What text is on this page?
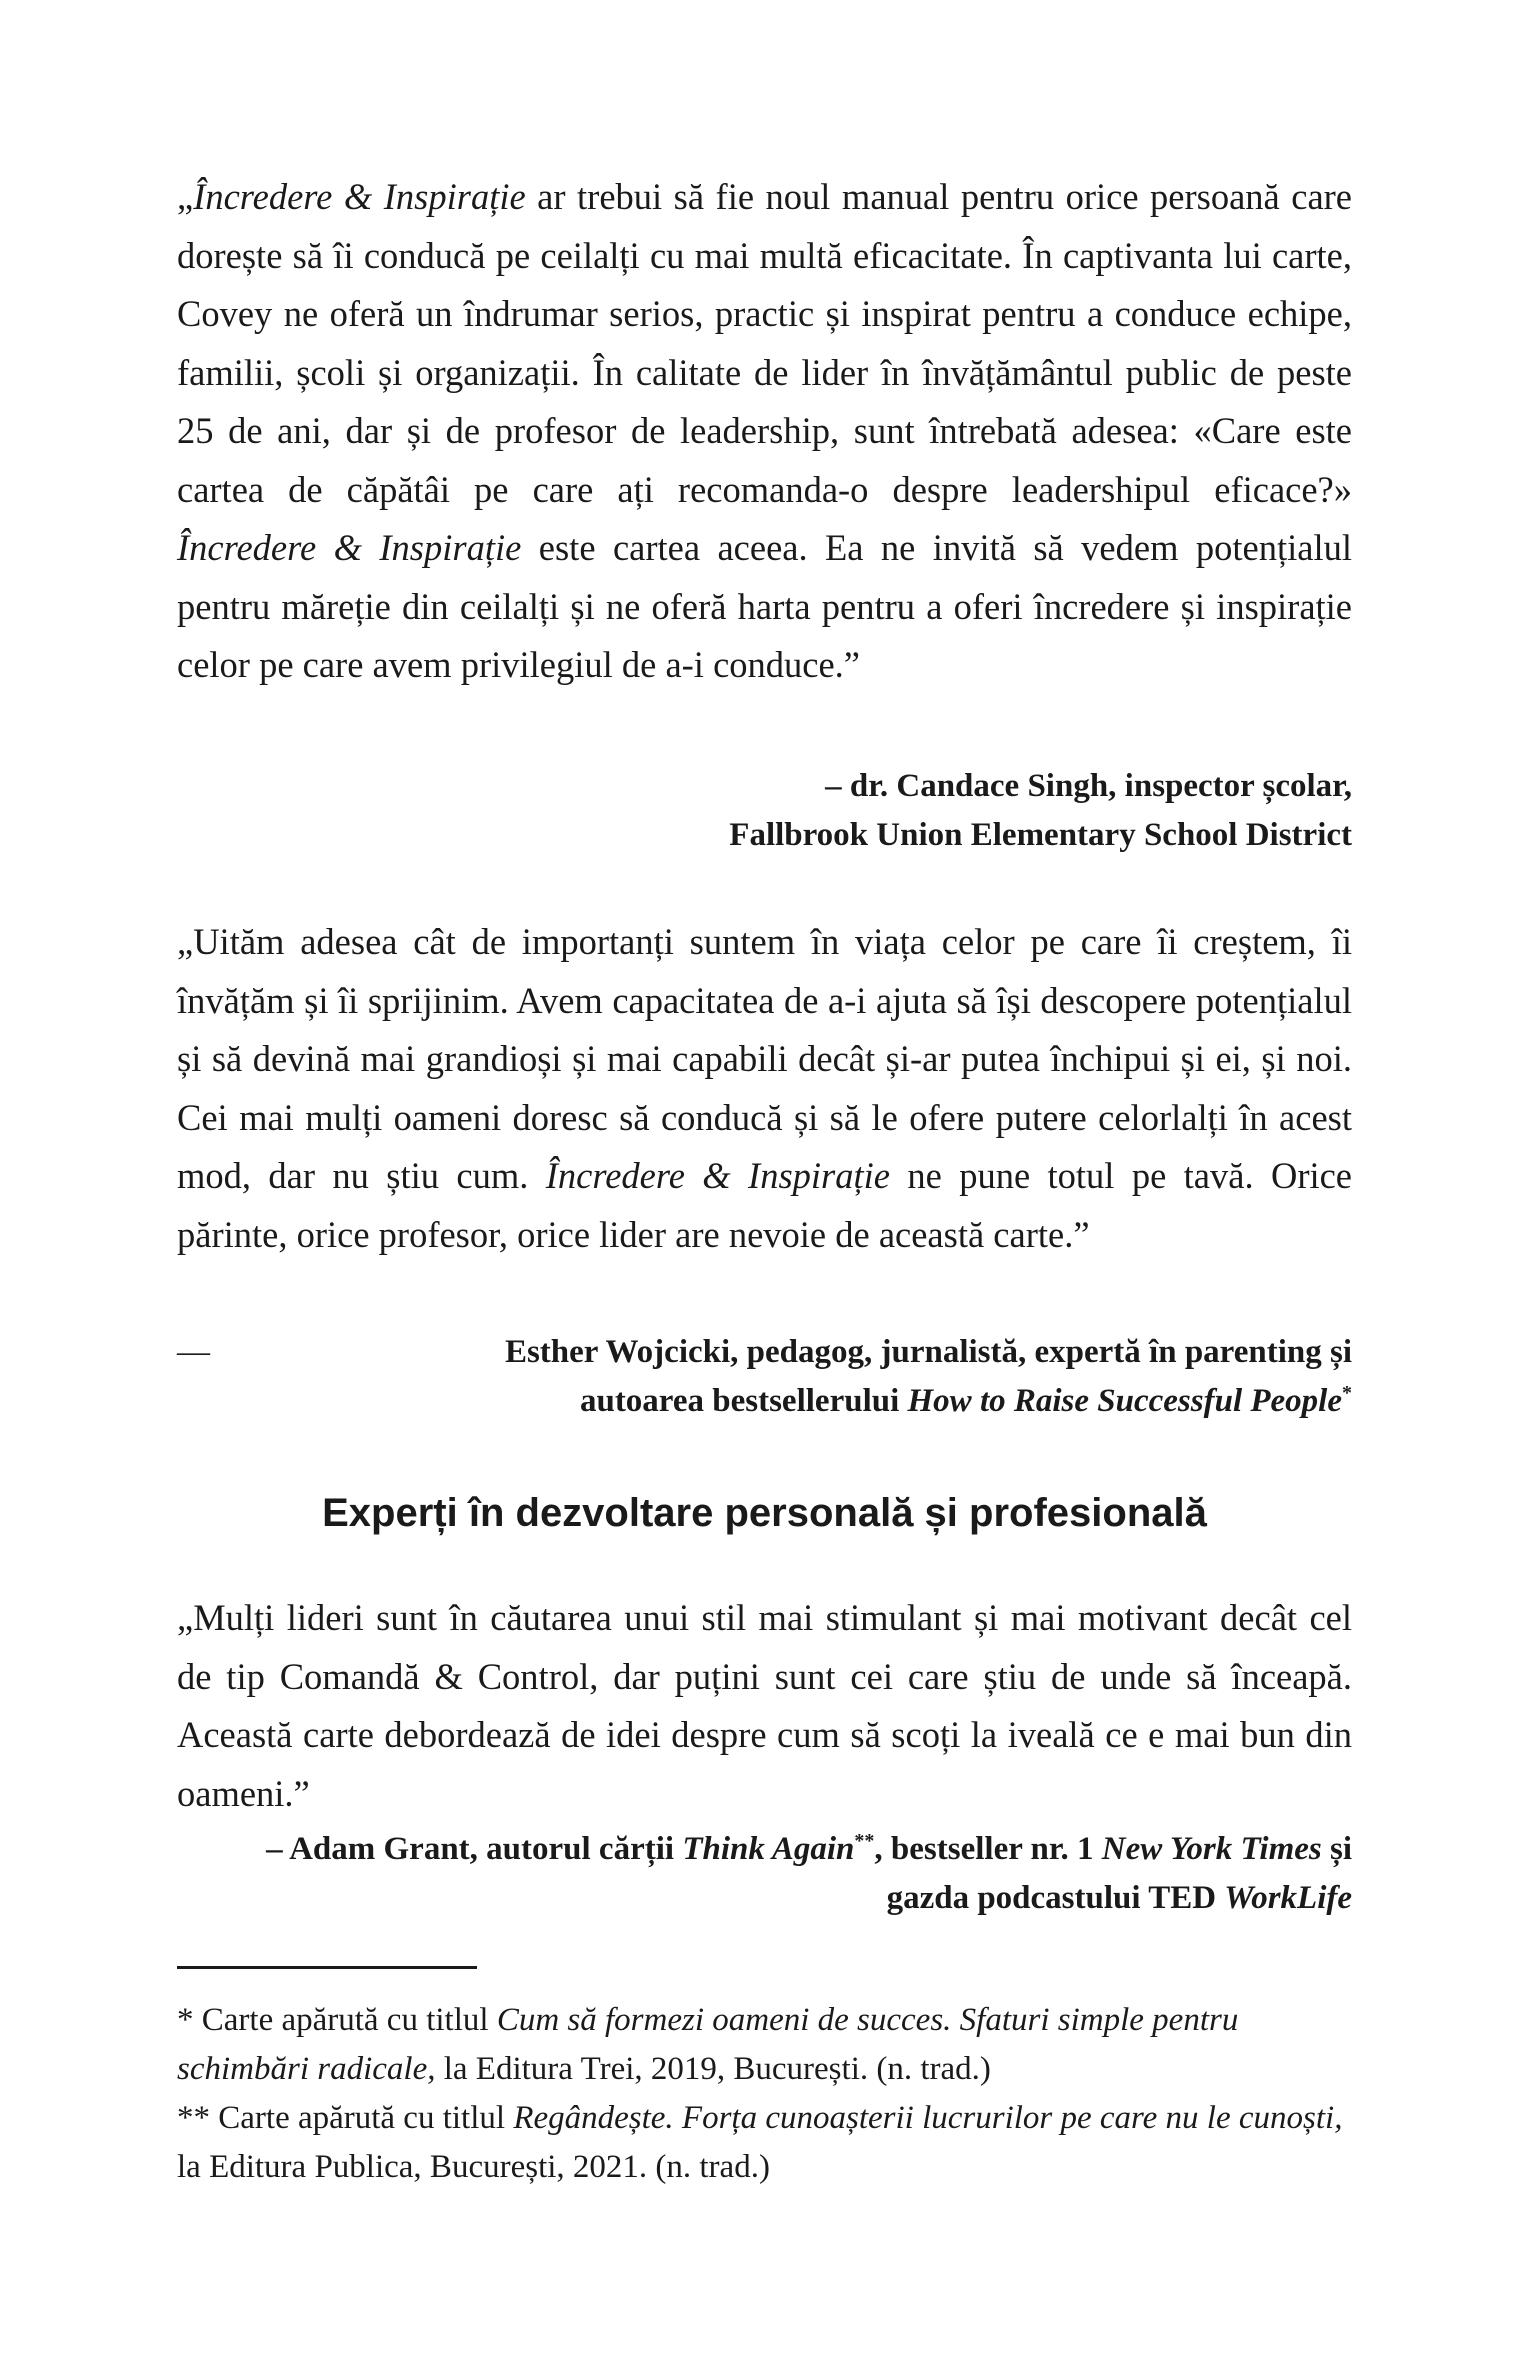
„Încredere & Inspirație ar trebui să fie noul manual pentru orice persoană care dorește să îi conducă pe ceilalți cu mai multă eficacitate. În captivanta lui carte, Covey ne oferă un îndrumar serios, practic și inspirat pentru a conduce echipe, familii, școli și organizații. În calitate de lider în învățământul public de peste 25 de ani, dar și de profesor de leadership, sunt întrebată adesea: «Care este cartea de căpătâi pe care ați recomanda-o despre leadershipul eficace?» Încredere & Inspirație este cartea aceea. Ea ne invită să vedem potențialul pentru măreție din ceilalți și ne oferă harta pentru a oferi încredere și inspirație celor pe care avem privilegiul de a-i conduce.”

– dr. Candace Singh, inspector școlar,

Fallbrook Union Elementary School District

„Uităm adesea cât de importanți suntem în viața celor pe care îi creștem, îi învățăm și îi sprijinim. Avem capacitatea de a-i ajuta să își descopere potențialul și să devină mai grandioși și mai capabili decât și-ar putea închipui și ei, și noi. Cei mai mulți oameni doresc să conducă și să le ofere putere celorlalți în acest mod, dar nu știu cum. Încredere & Inspirație ne pune totul pe tavă. Orice părinte, orice profesor, orice lider are nevoie de această carte.”

—	Esther Wojcicki, pedagog, jurnalistă, expertă în parenting și

autoarea bestsellerului How to Raise Successful People*

Experți în dezvoltare personală și profesională

„Mulți lideri sunt în căutarea unui stil mai stimulant și mai motivant decât cel de tip Comandă & Control, dar puțini sunt cei care știu de unde să înceapă. Această carte debordează de idei despre cum să scoți la iveală ce e mai bun din oameni.”

– Adam Grant, autorul cărții Think Again**, bestseller nr. 1 New York Times și gazda podcastului TED WorkLife

* Carte apărută cu titlul Cum să formezi oameni de succes. Sfaturi simple pentru schimbări radicale, la Editura Trei, 2019, București. (n. trad.)

** Carte apărută cu titlul Regândește. Forța cunoașterii lucrurilor pe care nu le cunoști, la Editura Publica, București, 2021. (n. trad.)
